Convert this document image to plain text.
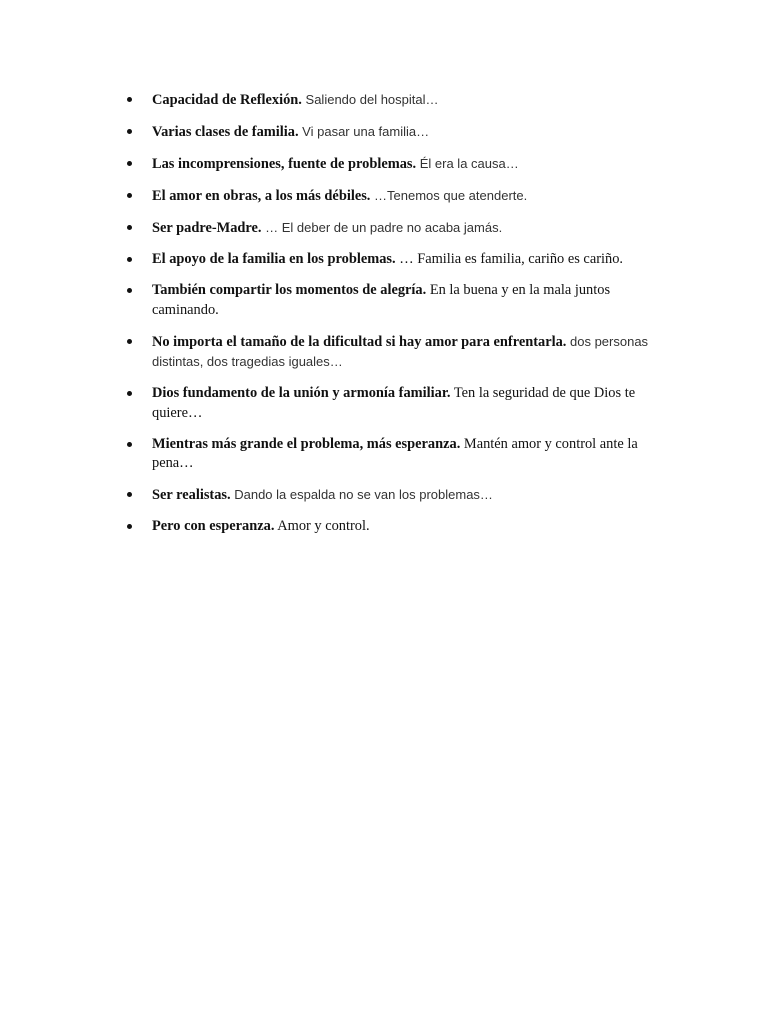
Capacidad de Reflexión. Saliendo del hospital…
Varias clases de familia. Vi pasar una familia…
Las incomprensiones, fuente de problemas. Él era la causa…
El amor en obras, a los más débiles. …Tenemos que atenderte.
Ser padre-Madre. … El deber de un padre no acaba jamás.
El apoyo de la familia en los problemas. … Familia es familia, cariño es cariño.
También compartir los momentos de alegría. En la buena y en la mala juntos caminando.
No importa el tamaño de la dificultad si hay amor para enfrentarla. dos personas distintas, dos tragedias iguales…
Dios fundamento de la unión y armonía familiar. Ten la seguridad de que Dios te quiere…
Mientras más grande el problema, más esperanza. Mantén amor y control ante la pena…
Ser realistas. Dando la espalda no se van los problemas…
Pero con esperanza. Amor y control.
